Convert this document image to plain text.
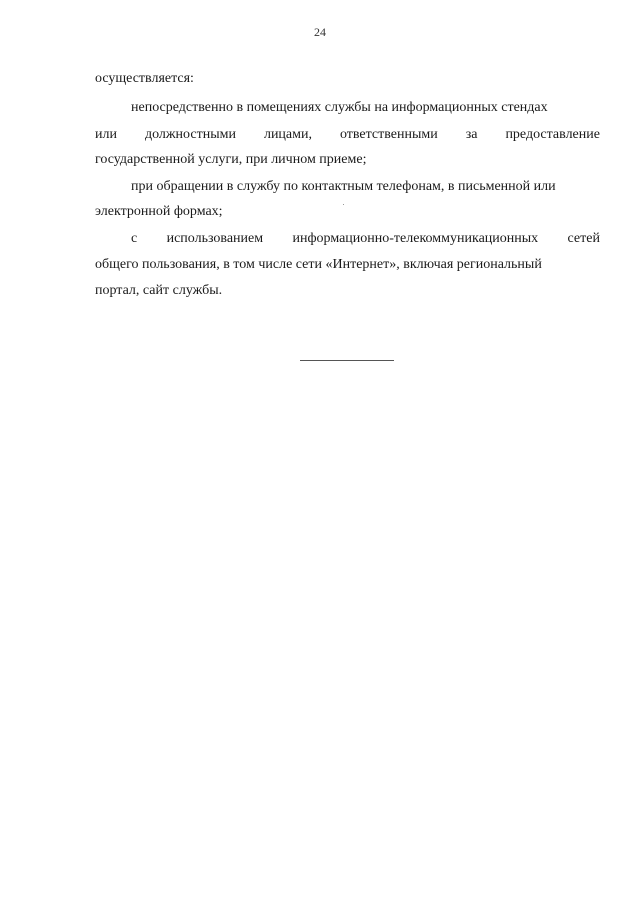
24
осуществляется:
непосредственно в помещениях службы на информационных стендах
или должностными лицами, ответственными за предоставление
государственной услуги, при личном приеме;
при обращении в службу по контактным телефонам, в письменной или
электронной формах;
с использованием информационно-телекоммуникационных сетей
общего пользования, в том числе сети «Интернет», включая региональный
портал, сайт службы.
